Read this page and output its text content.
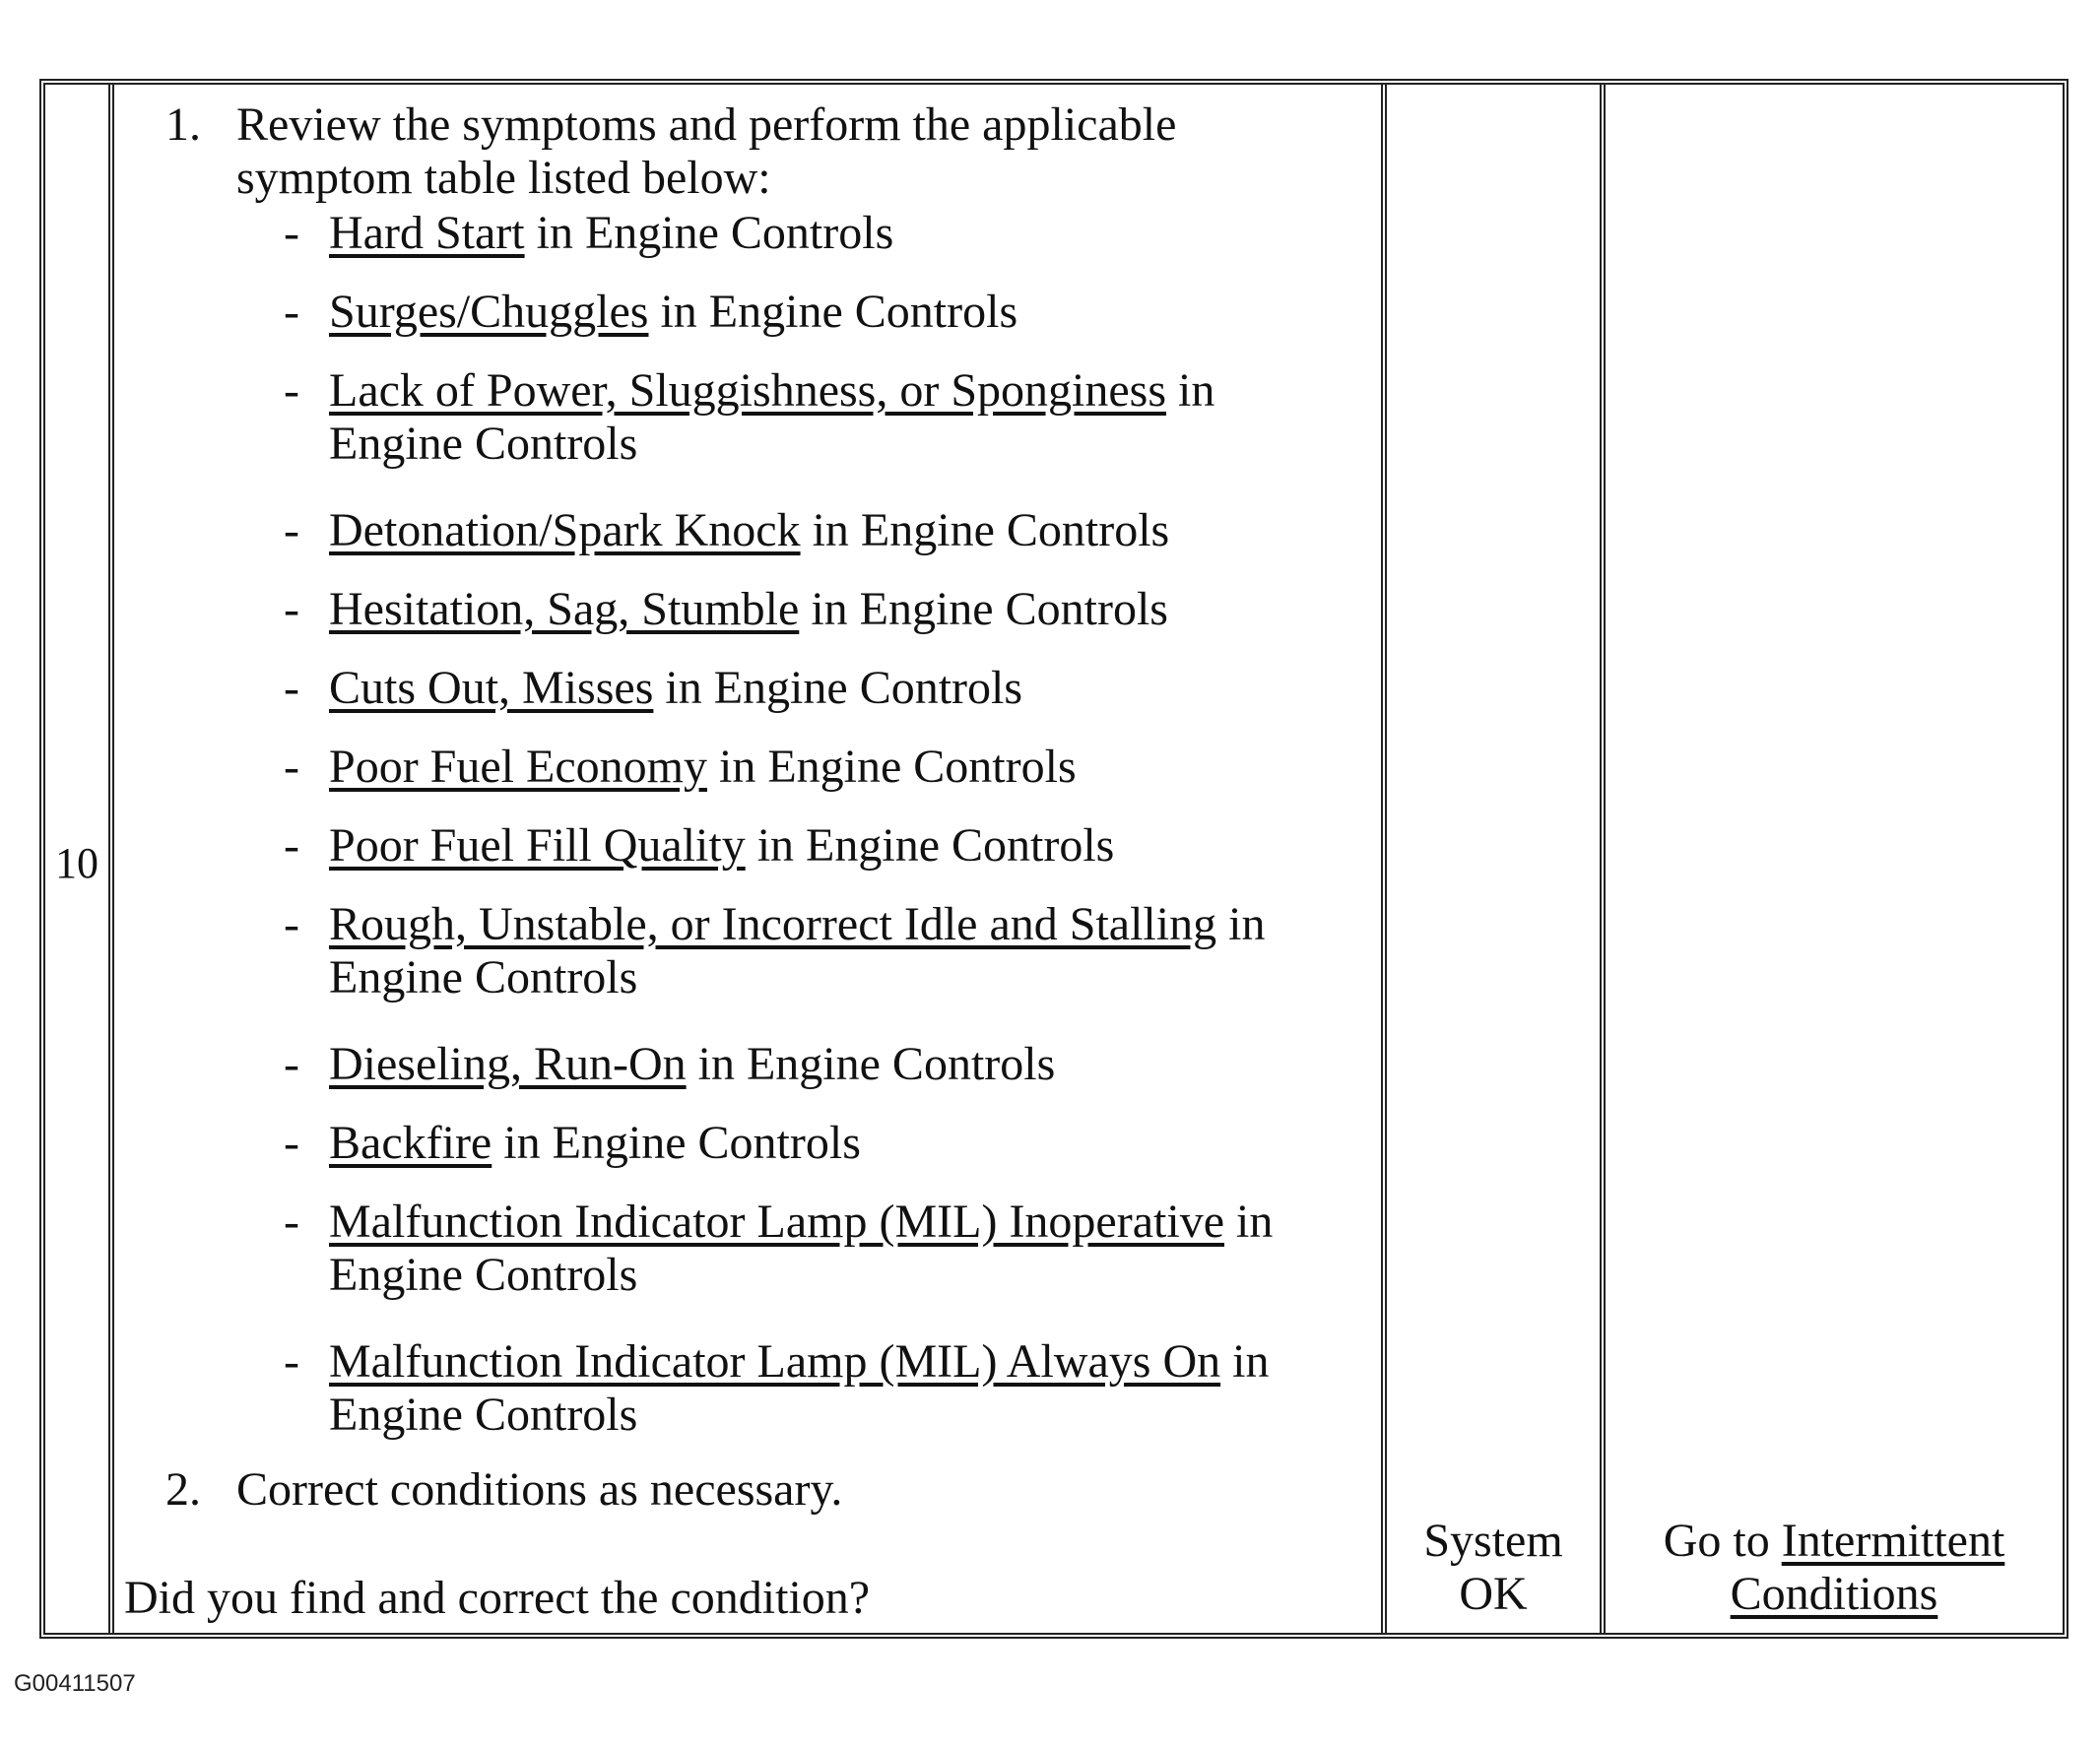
10
1. Review the symptoms and perform the applicable symptom table listed below:
- Hard Start in Engine Controls
- Surges/Chuggles in Engine Controls
- Lack of Power, Sluggishness, or Sponginess in Engine Controls
- Detonation/Spark Knock in Engine Controls
- Hesitation, Sag, Stumble in Engine Controls
- Cuts Out, Misses in Engine Controls
- Poor Fuel Economy in Engine Controls
- Poor Fuel Fill Quality in Engine Controls
- Rough, Unstable, or Incorrect Idle and Stalling in Engine Controls
- Dieseling, Run-On in Engine Controls
- Backfire in Engine Controls
- Malfunction Indicator Lamp (MIL) Inoperative in Engine Controls
- Malfunction Indicator Lamp (MIL) Always On in Engine Controls
2. Correct conditions as necessary.
Did you find and correct the condition?
System
OK
Go to Intermittent
Conditions
G00411507
